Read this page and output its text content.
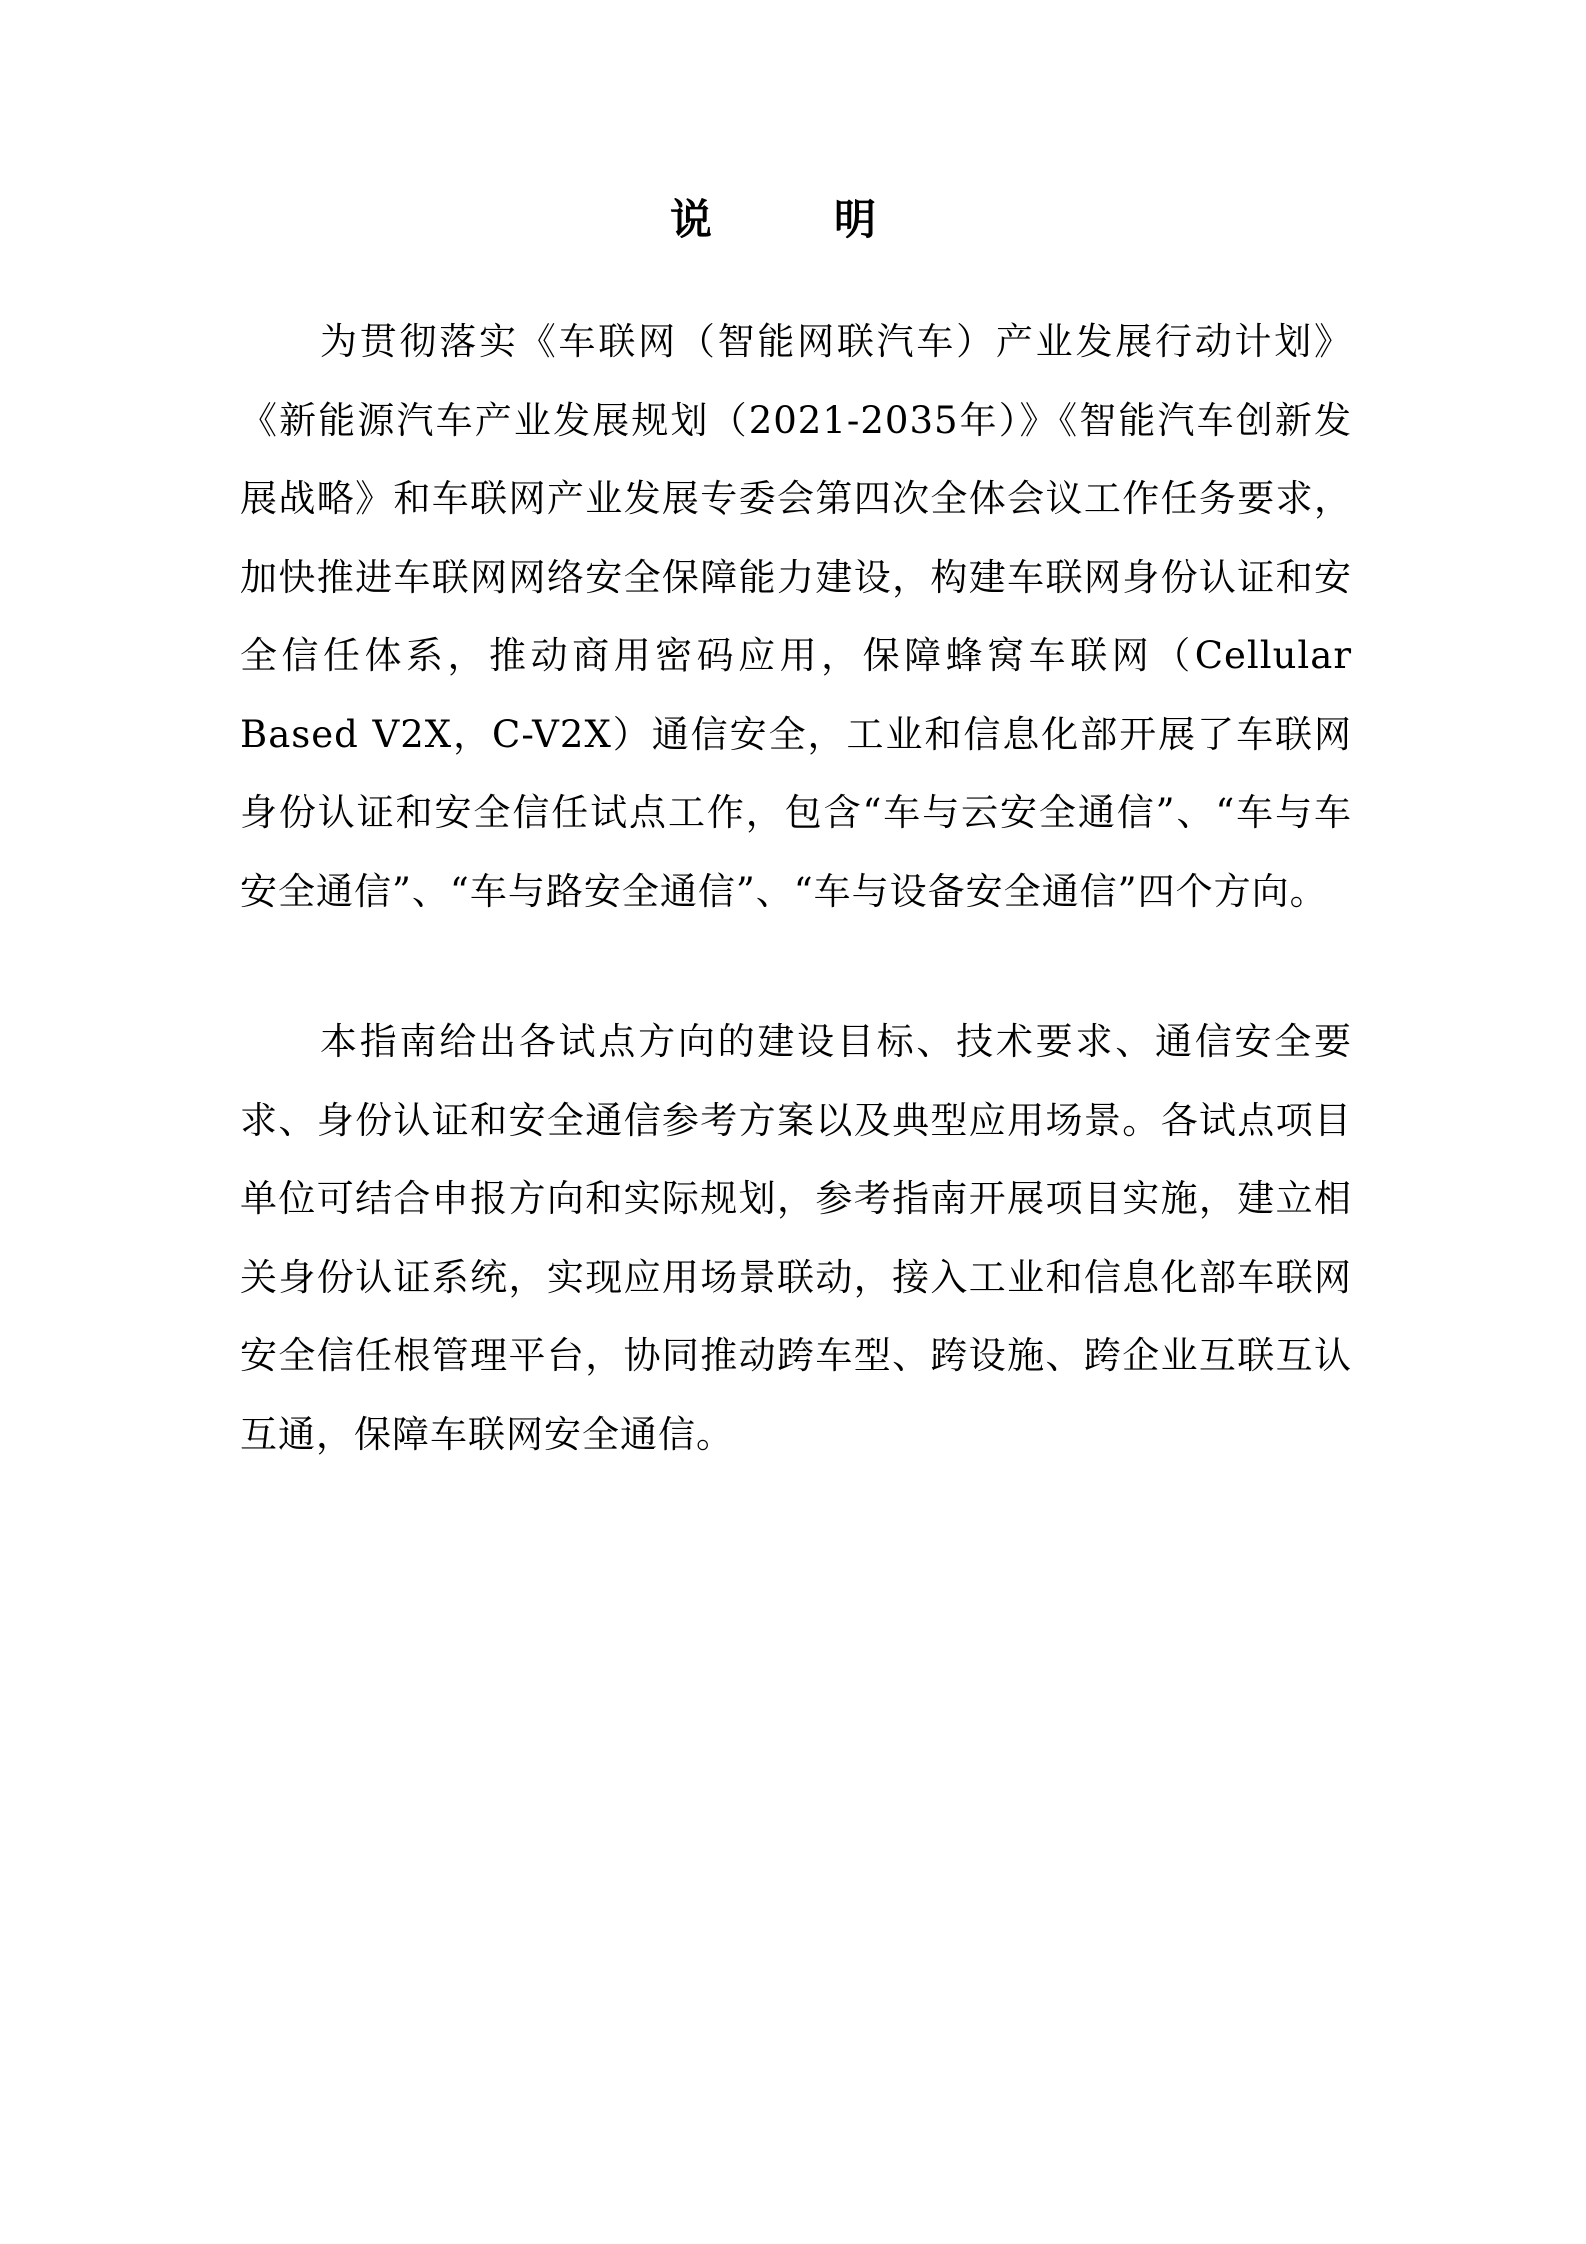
说　明

为贯彻落实《车联网（智能网联汽车）产业发展行动计划》《新能源汽车产业发展规划（2021-2035年）》《智能汽车创新发展战略》和车联网产业发展专委会第四次全体会议工作任务要求，加快推进车联网网络安全保障能力建设，构建车联网身份认证和安全信任体系，推动商用密码应用，保障蜂窝车联网（Cellular Based V2X，C-V2X）通信安全，工业和信息化部开展了车联网身份认证和安全信任试点工作，包含“车与云安全通信”、“车与车安全通信”、“车与路安全通信”、“车与设备安全通信”四个方向。

本指南给出各试点方向的建设目标、技术要求、通信安全要求、身份认证和安全通信参考方案以及典型应用场景。各试点项目单位可结合申报方向和实际规划，参考指南开展项目实施，建立相关身份认证系统，实现应用场景联动，接入工业和信息化部车联网安全信任根管理平台，协同推动跨车型、跨设施、跨企业互联互认互通，保障车联网安全通信。
